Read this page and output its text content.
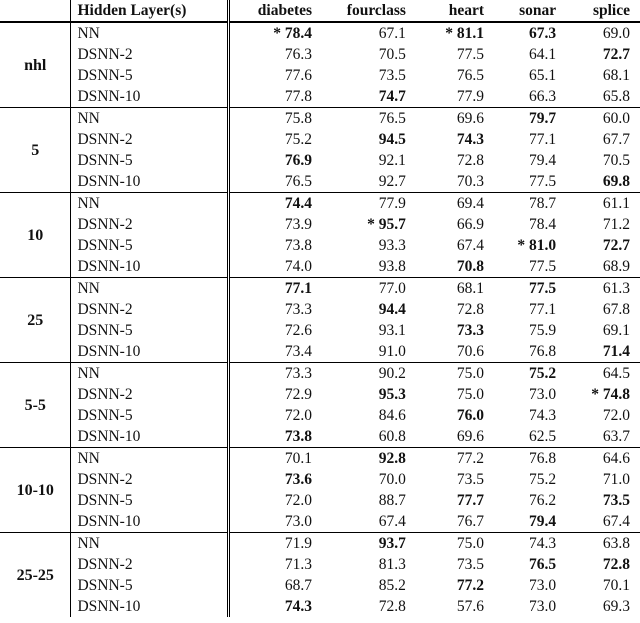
	Hidden Layer(s)	diabetes	fourclass	heart	sonar	splice
nhl	NN	* 78.4	67.1	* 81.1	67.3	69.0
	DSNN-2	76.3	70.5	77.5	64.1	72.7
	DSNN-5	77.6	73.5	76.5	65.1	68.1
	DSNN-10	77.8	74.7	77.9	66.3	65.8
5	NN	75.8	76.5	69.6	79.7	60.0
	DSNN-2	75.2	94.5	74.3	77.1	67.7
	DSNN-5	76.9	92.1	72.8	79.4	70.5
	DSNN-10	76.5	92.7	70.3	77.5	69.8
10	NN	74.4	77.9	69.4	78.7	61.1
	DSNN-2	73.9	* 95.7	66.9	78.4	71.2
	DSNN-5	73.8	93.3	67.4	* 81.0	72.7
	DSNN-10	74.0	93.8	70.8	77.5	68.9
25	NN	77.1	77.0	68.1	77.5	61.3
	DSNN-2	73.3	94.4	72.8	77.1	67.8
	DSNN-5	72.6	93.1	73.3	75.9	69.1
	DSNN-10	73.4	91.0	70.6	76.8	71.4
5-5	NN	73.3	90.2	75.0	75.2	64.5
	DSNN-2	72.9	95.3	75.0	73.0	* 74.8
	DSNN-5	72.0	84.6	76.0	74.3	72.0
	DSNN-10	73.8	60.8	69.6	62.5	63.7
10-10	NN	70.1	92.8	77.2	76.8	64.6
	DSNN-2	73.6	70.0	73.5	75.2	71.0
	DSNN-5	72.0	88.7	77.7	76.2	73.5
	DSNN-10	73.0	67.4	76.7	79.4	67.4
25-25	NN	71.9	93.7	75.0	74.3	63.8
	DSNN-2	71.3	81.3	73.5	76.5	72.8
	DSNN-5	68.7	85.2	77.2	73.0	70.1
	DSNN-10	74.3	72.8	57.6	73.0	69.3
